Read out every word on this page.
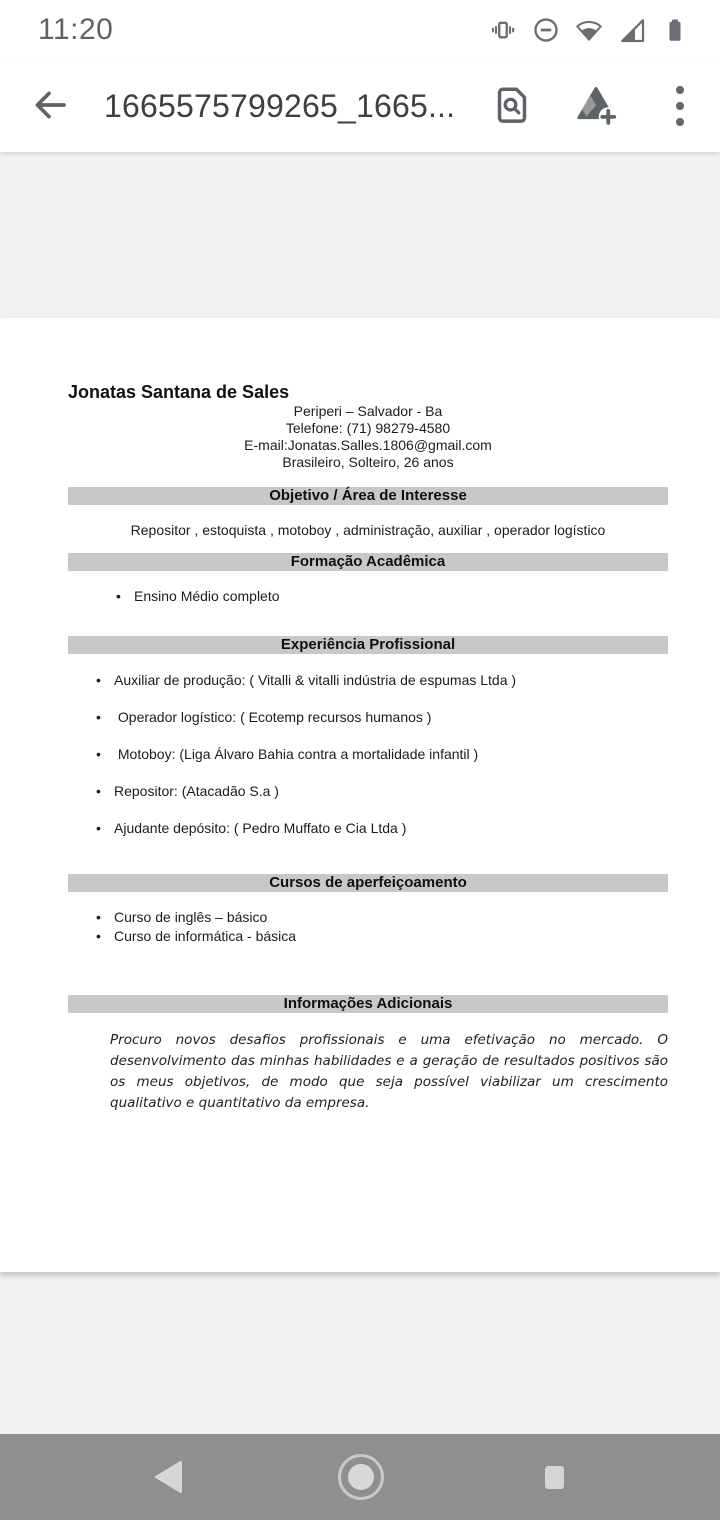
11:20
1665575799265_1665...
Jonatas Santana de Sales
Periperi – Salvador - Ba
Telefone: (71) 98279-4580
E-mail:Jonatas.Salles.1806@gmail.com
Brasileiro, Solteiro, 26 anos
Objetivo / Área de Interesse

Repositor , estoquista , motoboy , administração, auxiliar , operador logístico

Formação Acadêmica
• Ensino Médio completo
Experiência Profissional
• Auxiliar de produção: ( Vitalli & vitalli indústria de espumas Ltda )
•  Operador logístico: ( Ecotemp recursos humanos )
•  Motoboy: (Liga Álvaro Bahia contra a mortalidade infantil )
• Repositor: (Atacadão S.a )
• Ajudante depósito: ( Pedro Muffato e Cia Ltda )
Cursos de aperfeiçoamento
• Curso de inglês – básico
• Curso de informática - básica
Informações Adicionais

Procuro novos desafios profissionais e uma efetivação no mercado. O desenvolvimento das minhas habilidades e a geração de resultados positivos são os meus objetivos, de modo que seja possível viabilizar um crescimento qualitativo e quantitativo da empresa.
